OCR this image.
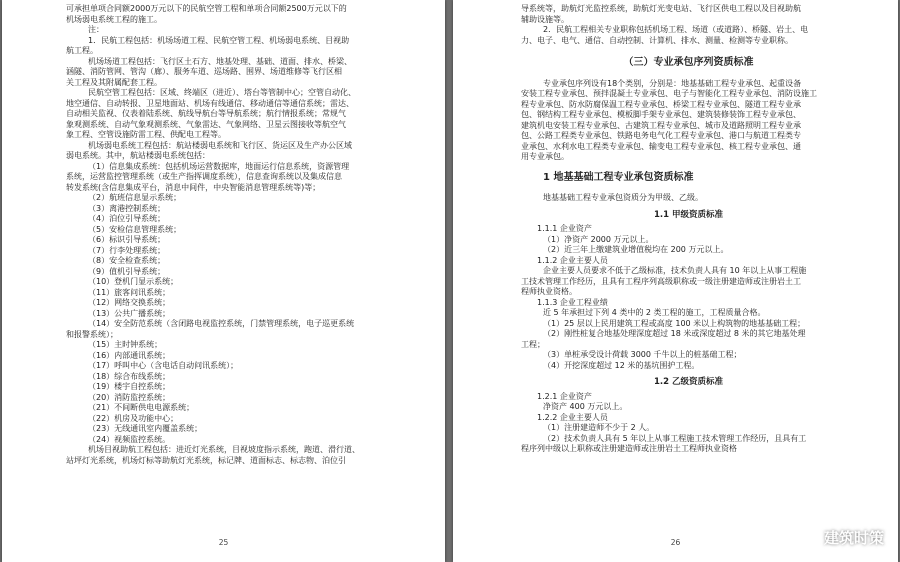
可承担单项合同额2000万元以下的民航空管工程和单项合同额2500万元以下的

机场弱电系统工程的施工。

注：

1．民航工程包括：机场场道工程、民航空管工程、机场弱电系统、目视助

航工程。

机场场道工程包括：飞行区土石方、地基处理、基础、道面、排水、桥梁、

涵隧、消防管网、管沟（廊）、服务车道、巡场路、围界、场道维修等飞行区相

关工程及其附属配套工程。

民航空管工程包括：区域、终端区（进近）、塔台等管制中心；空管自动化、

地空通信、自动转报、卫星地面站、机场有线通信、移动通信等通信系统；雷达、

自动相关监视、仪表着陆系统、航线导航台等导航系统；航行情报系统；常规气

象观测系统、自动气象观测系统、气象雷达、气象网络、卫星云图接收等航空气

象工程、空管设施防雷工程、供配电工程等。

机场弱电系统工程包括：航站楼弱电系统和飞行区、货运区及生产办公区域

弱电系统。其中，航站楼弱电系统包括：

（1）信息集成系统：包括机场运营数据库，地面运行信息系统，资源管理

系统，运营监控管理系统（或生产指挥调度系统），信息查询系统以及集成信息

转发系统(含信息集成平台，消息中间件，中央智能消息管理系统等)等；

（2）航班信息显示系统；

（3）离港控制系统；

（4）泊位引导系统；

（5）安检信息管理系统；

（6）标识引导系统；

（7）行李处理系统；

（8）安全检查系统；

（9）值机引导系统；

（10）登机门显示系统；

（11）旅客问讯系统；

（12）网络交换系统；

（13）公共广播系统；

（14）安全防范系统（含闭路电视监控系统，门禁管理系统，电子巡更系统

和报警系统）；

（15）主时钟系统；

（16）内部通讯系统；

（17）呼叫中心（含电话自动问讯系统）；

（18）综合布线系统；

（19）楼宇自控系统；

（20）消防监控系统；

（21）不间断供电电源系统；

（22）机房及功能中心；

（23）无线通讯室内覆盖系统；

（24）视频监控系统。

机场目视助航工程包括：进近灯光系统，目视坡度指示系统，跑道、滑行道、

站坪灯光系统，机场灯标等助航灯光系统，标记牌、道面标志、标志物、泊位引

25

导系统等，助航灯光监控系统，助航灯光变电站、飞行区供电工程以及目视助航

辅助设施等。

2．民航工程相关专业职称包括机场工程、场道（或道路）、桥隧、岩土、电

力、电子、电气、通信、自动控制、计算机、排水、测量、检测等专业职称。

（三）专业承包序列资质标准

专业承包序列设有18个类别，分别是：地基基础工程专业承包、起重设备

安装工程专业承包、预拌混凝土专业承包、电子与智能化工程专业承包、消防设施工

程专业承包、防水防腐保温工程专业承包、桥梁工程专业承包、隧道工程专业承

包、钢结构工程专业承包、模板脚手架专业承包、建筑装修装饰工程专业承包、

建筑机电安装工程专业承包、古建筑工程专业承包、城市及道路照明工程专业承

包、公路工程类专业承包、铁路电务电气化工程专业承包、港口与航道工程类专

业承包、水利水电工程类专业承包、输变电工程专业承包、核工程专业承包、通

用专业承包。

1 地基基础工程专业承包资质标准

地基基础工程专业承包资质分为甲级、乙级。

1.1 甲级资质标准

1.1.1 企业资产

（1）净资产 2000 万元以上。

（2）近三年上缴建筑业增值税均在 200 万元以上。

1.1.2 企业主要人员

企业主要人员要求不低于乙级标准，技术负责人具有 10 年以上从事工程施

工技术管理工作经历，且具有工程序列高级职称或一级注册建造师或注册岩土工

程师执业资格。

1.1.3 企业工程业绩

近 5 年承担过下列 4 类中的 2 类工程的施工，工程质量合格。

（1）25 层以上民用建筑工程或高度 100 米以上构筑物的地基基础工程；

（2）刚性桩复合地基处理深度超过 18 米或深度超过 8 米的其它地基处理

工程；

（3）单桩承受设计荷载 3000 千牛以上的桩基础工程；

（4）开挖深度超过 12 米的基坑围护工程。

1.2 乙级资质标准

1.2.1 企业资产

净资产 400 万元以上。

1.2.2 企业主要人员

（1）注册建造师不少于 2 人。

（2）技术负责人具有 5 年以上从事工程施工技术管理工作经历，且具有工

程序列中级以上职称或注册建造师或注册岩土工程师执业资格

26	建筑时策
